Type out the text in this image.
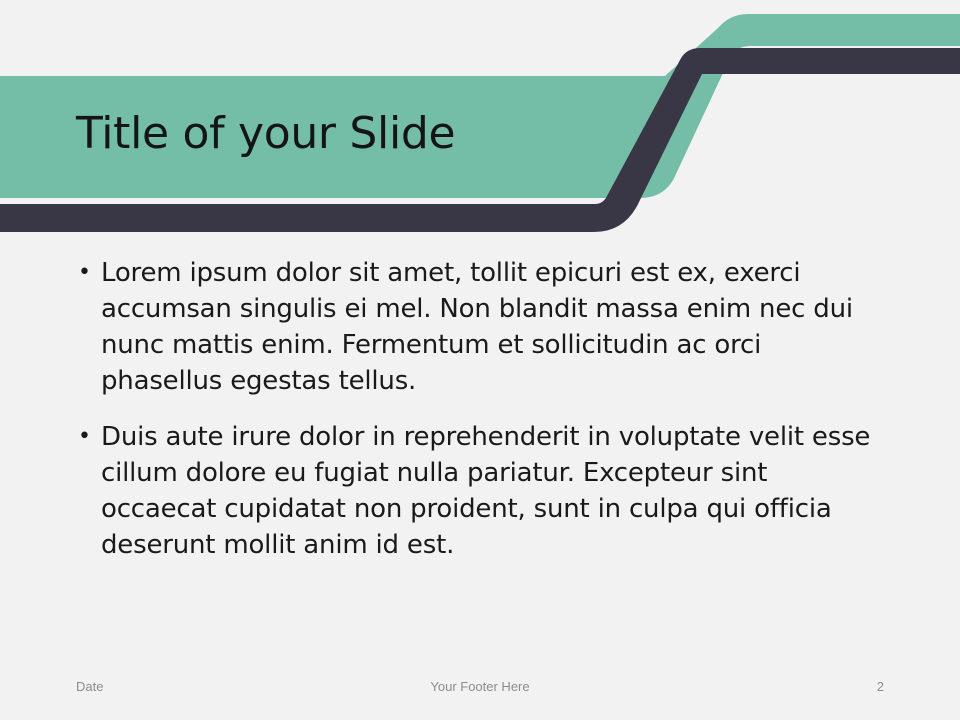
Title of your Slide
• Lorem ipsum dolor sit amet, tollit epicuri est ex, exerci accumsan singulis ei mel. Non blandit massa enim nec dui nunc mattis enim. Fermentum et sollicitudin ac orci phasellus egestas tellus.
• Duis aute irure dolor in reprehenderit in voluptate velit esse cillum dolore eu fugiat nulla pariatur. Excepteur sint occaecat cupidatat non proident, sunt in culpa qui officia deserunt mollit anim id est.
Date	Your Footer Here	2
